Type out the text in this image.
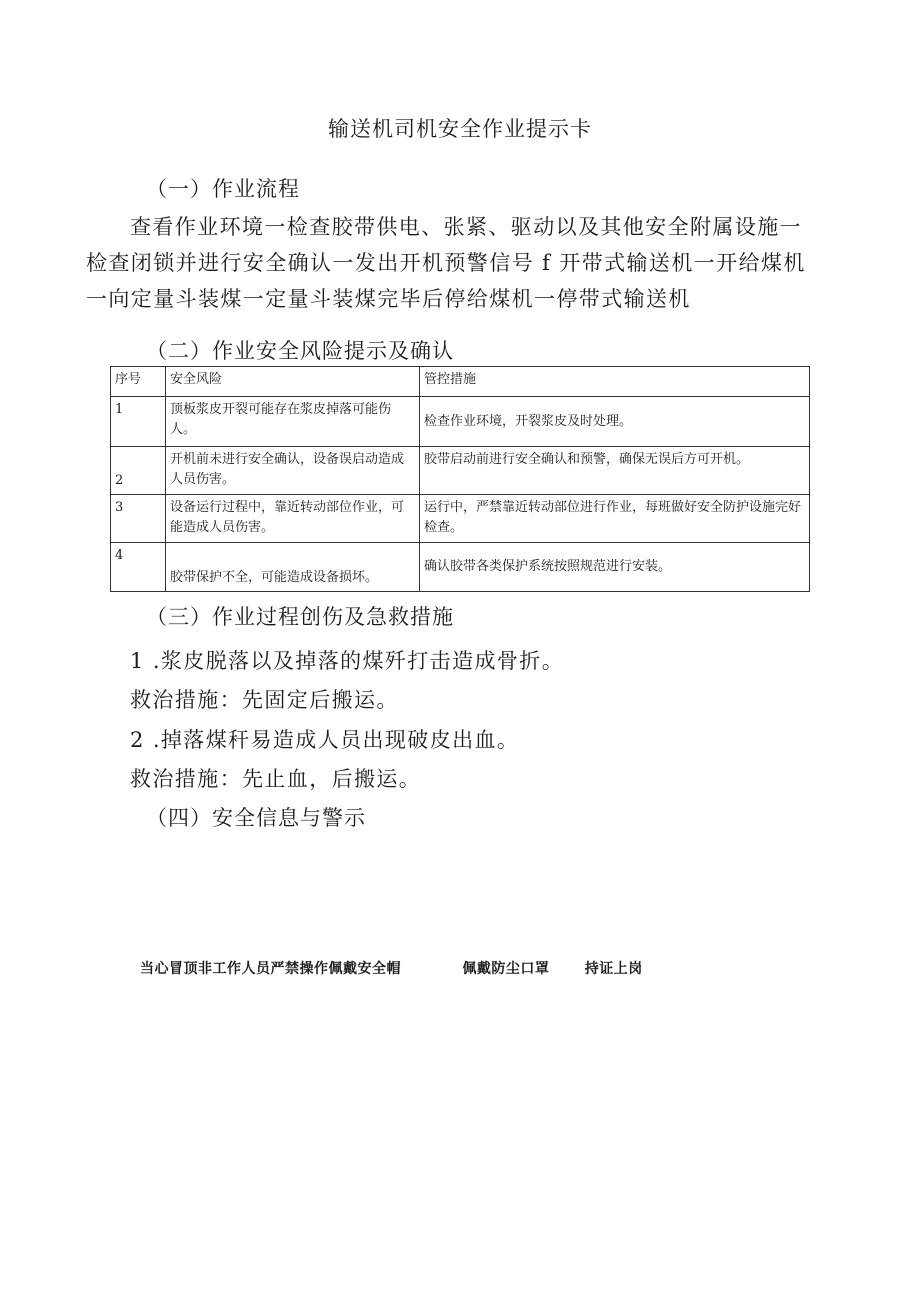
输送机司机安全作业提示卡
（一）作业流程
查看作业环境一检查胶带供电、张紧、驱动以及其他安全附属设施一
检查闭锁并进行安全确认一发出开机预警信号 f 开带式输送机一开给煤机
一向定量斗装煤一定量斗装煤完毕后停给煤机一停带式输送机
（二）作业安全风险提示及确认
序号	安全风险	管控措施
1	顶板浆皮开裂可能存在浆皮掉落可能伤人。	检查作业环境，开裂浆皮及时处理。
2	开机前未进行安全确认，设备误启动造成人员伤害。	胶带启动前进行安全确认和预警，确保无误后方可开机。
3	设备运行过程中，靠近转动部位作业，可能造成人员伤害。	运行中，严禁靠近转动部位进行作业，每班做好安全防护设施完好检查。
4	胶带保护不全，可能造成设备损坏。	确认胶带各类保护系统按照规范进行安装。
（三）作业过程创伤及急救措施
1 .浆皮脱落以及掉落的煤歼打击造成骨折。
救治措施：先固定后搬运。
2 .掉落煤秆易造成人员出现破皮出血。
救治措施：先止血，后搬运。
（四）安全信息与警示
当心冒顶非工作人员严禁操作佩戴安全帽	佩戴防尘口罩	持证上岗
